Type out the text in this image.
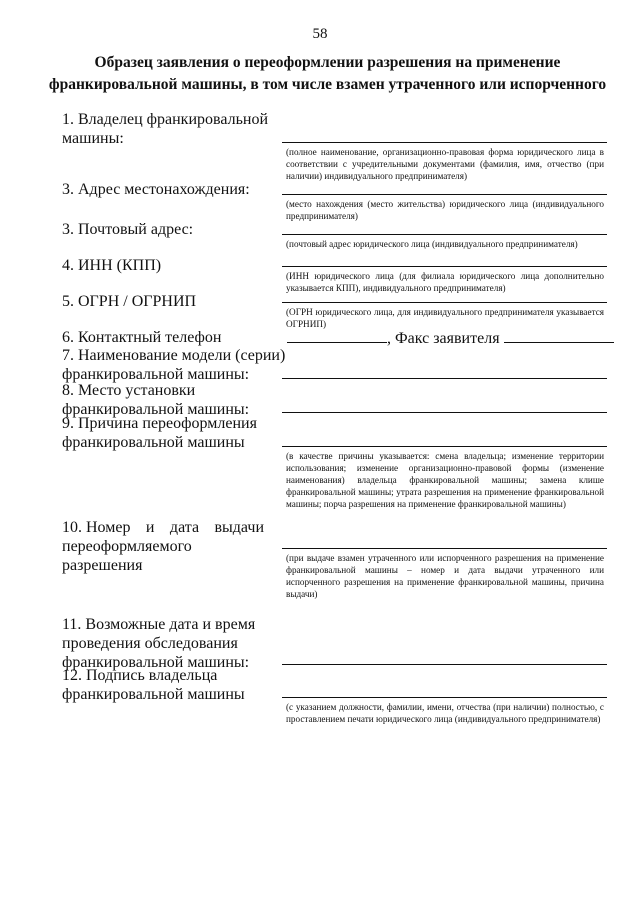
58
Образец заявления о переоформлении разрешения на применение
франкировальной машины, в том числе взамен утраченного или испорченного
1. Владелец франкировальной
машины:
(полное наименование, организационно-правовая форма юридического лица в соответствии с учредительными документами (фамилия, имя, отчество (при наличии) индивидуального предпринимателя)
3. Адрес местонахождения:
(место нахождения (место жительства) юридического лица (индивидуального предпринимателя)
3. Почтовый адрес:
(почтовый адрес юридического лица (индивидуального предпринимателя)
4. ИНН (КПП)
(ИНН юридического лица (для филиала юридического лица дополнительно указывается КПП), индивидуального предпринимателя)
5. ОГРН / ОГРНИП
(ОГРН юридического лица, для индивидуального предпринимателя указывается ОГРНИП)
6. Контактный телефон	, Факс заявителя
7. Наименование модели (серии)
франкировальной машины:
8. Место установки
франкировальной машины:
9. Причина переоформления
франкировальной машины
(в качестве причины указывается: смена владельца; изменение территории использования; изменение организационно-правовой формы (изменение наименования) владельца франкировальной машины; замена клише франкировальной машины; утрата разрешения на применение франкировальной машины; порча разрешения на применение франкировальной машины)
10. Номер и дата выдачи
переоформляемого разрешения	(при выдаче взамен утраченного или испорченного разрешения на применение франкировальной машины – номер и дата выдачи утраченного или испорченного разрешения на применение франкировальной машины, причина выдачи)
11. Возможные дата и время
проведения обследования
франкировальной машины:
12. Подпись владельца
франкировальной машины
(с указанием должности, фамилии, имени, отчества (при наличии) полностью, с проставлением печати юридического лица (индивидуального предпринимателя)
